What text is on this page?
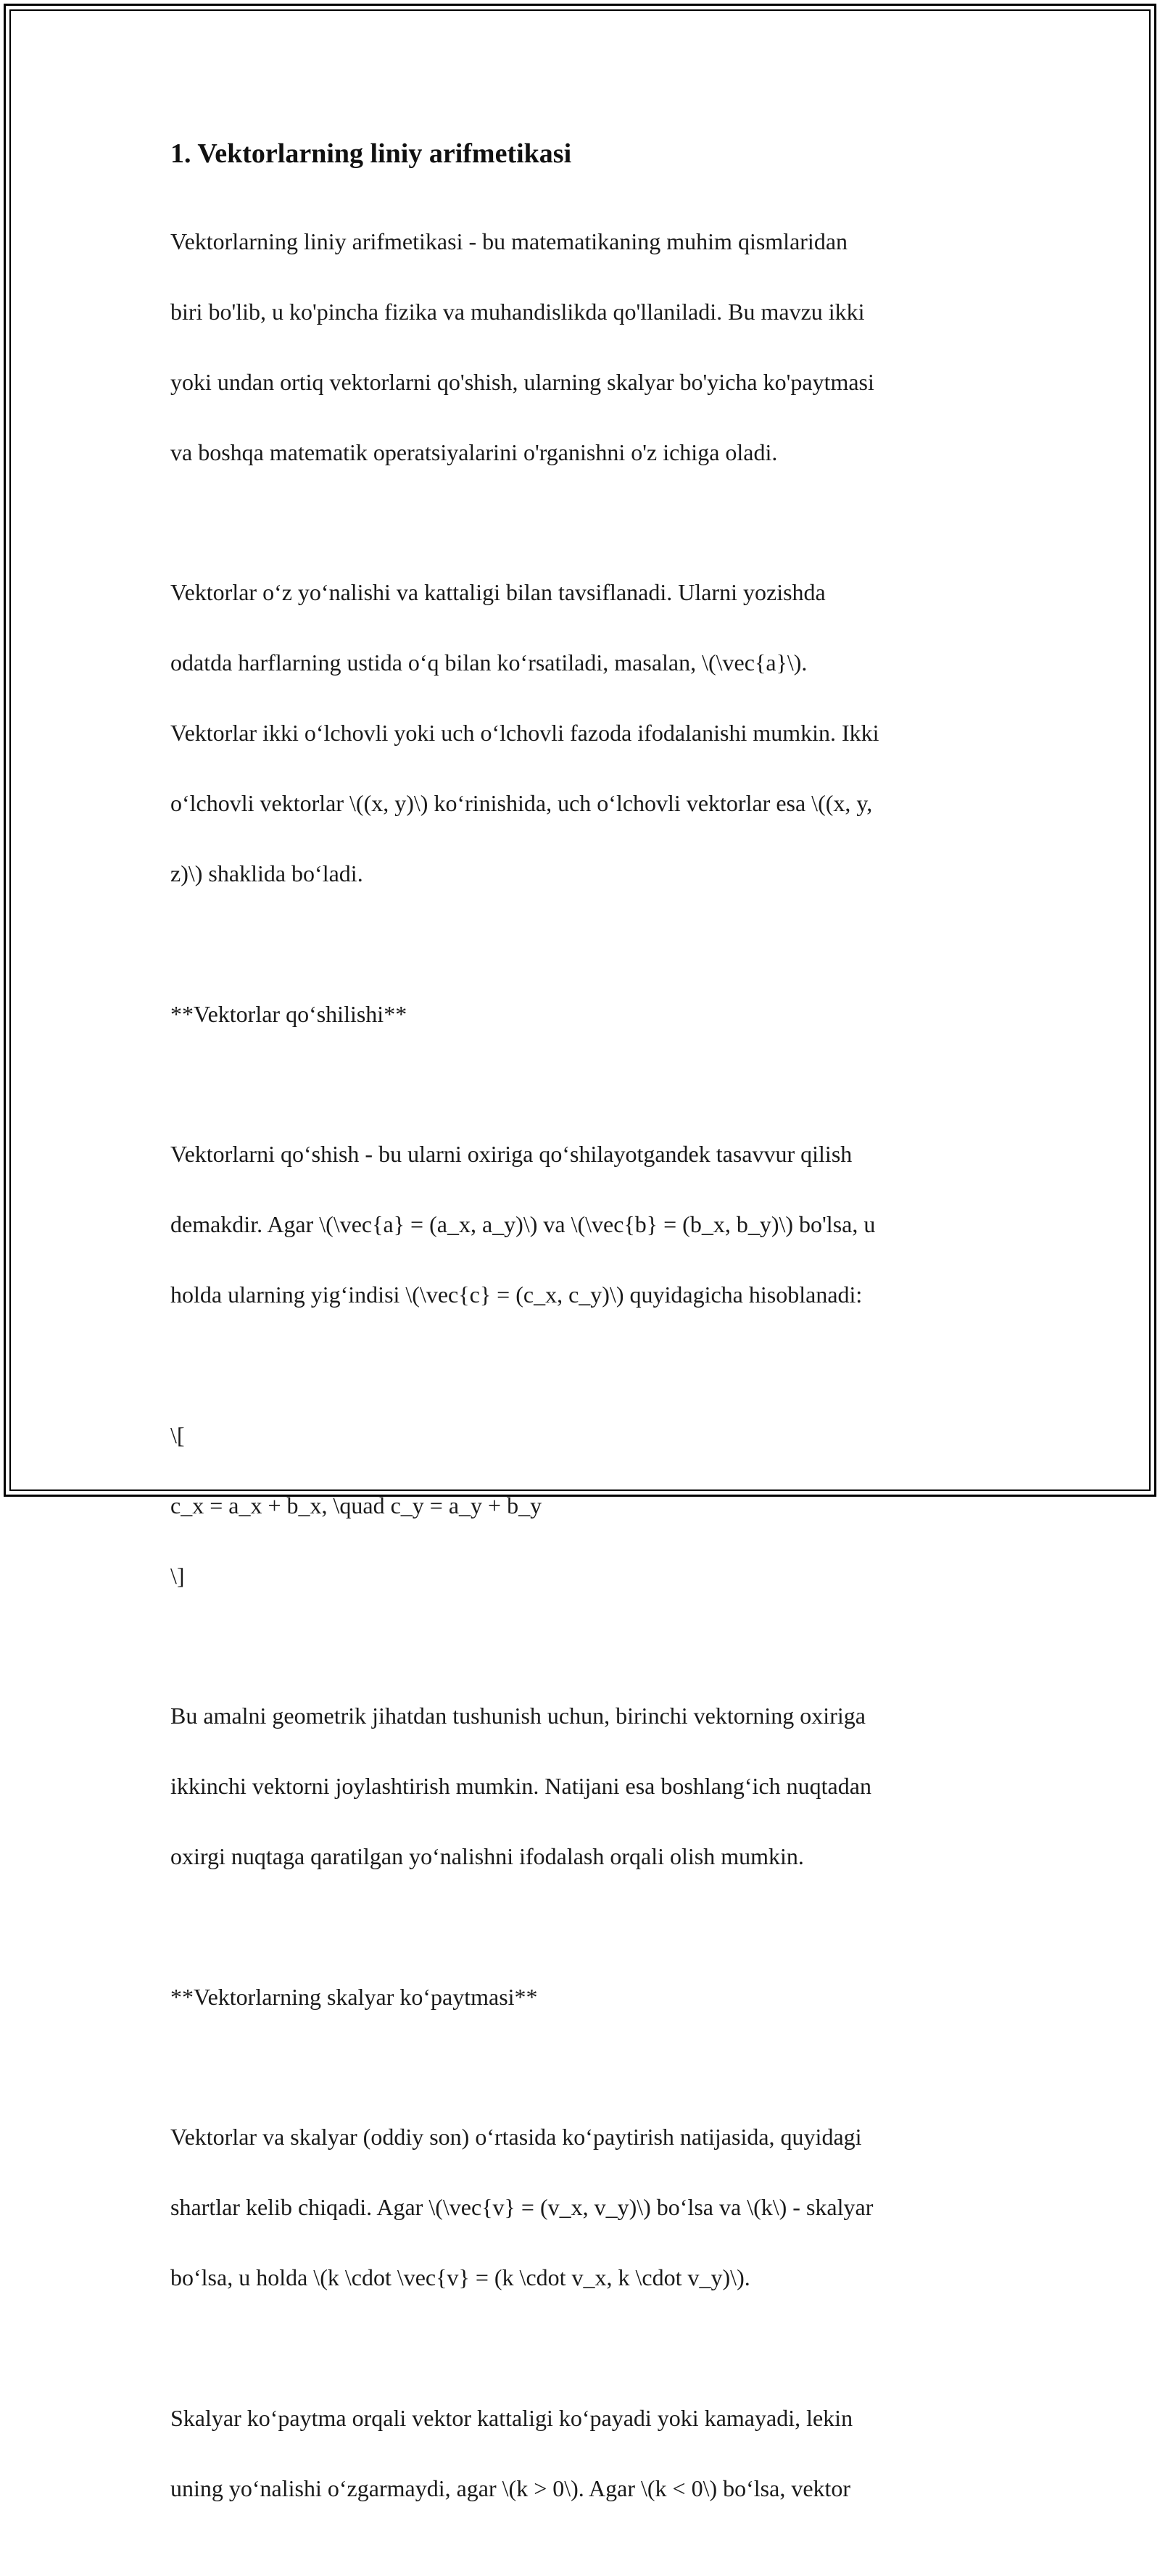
1. Vektorlarning liniy arifmetikasi

Vektorlarning liniy arifmetikasi - bu matematikaning muhim qismlaridan

biri bo'lib, u ko'pincha fizika va muhandislikda qo'llaniladi. Bu mavzu ikki

yoki undan ortiq vektorlarni qo'shish, ularning skalyar bo'yicha ko'paytmasi

va boshqa matematik operatsiyalarini o'rganishni o'z ichiga oladi.

Vektorlar o‘z yo‘nalishi va kattaligi bilan tavsiflanadi. Ularni yozishda

odatda harflarning ustida o‘q bilan ko‘rsatiladi, masalan, \(\vec{a}\).

Vektorlar ikki o‘lchovli yoki uch o‘lchovli fazoda ifodalanishi mumkin. Ikki

o‘lchovli vektorlar \((x, y)\) ko‘rinishida, uch o‘lchovli vektorlar esa \((x, y,

z)\) shaklida bo‘ladi.

**Vektorlar qo‘shilishi**

Vektorlarni qo‘shish - bu ularni oxiriga qo‘shilayotgandek tasavvur qilish

demakdir. Agar \(\vec{a} = (a_x, a_y)\) va \(\vec{b} = (b_x, b_y)\) bo'lsa, u

holda ularning yig‘indisi \(\vec{c} = (c_x, c_y)\) quyidagicha hisoblanadi:

\[

c_x = a_x + b_x, \quad c_y = a_y + b_y

\]

Bu amalni geometrik jihatdan tushunish uchun, birinchi vektorning oxiriga

ikkinchi vektorni joylashtirish mumkin. Natijani esa boshlang‘ich nuqtadan

oxirgi nuqtaga qaratilgan yo‘nalishni ifodalash orqali olish mumkin.

**Vektorlarning skalyar ko‘paytmasi**

Vektorlar va skalyar (oddiy son) o‘rtasida ko‘paytirish natijasida, quyidagi

shartlar kelib chiqadi. Agar \(\vec{v} = (v_x, v_y)\) bo‘lsa va \(k\) - skalyar

bo‘lsa, u holda \(k \cdot \vec{v} = (k \cdot v_x, k \cdot v_y)\).

Skalyar ko‘paytma orqali vektor kattaligi ko‘payadi yoki kamayadi, lekin

uning yo‘nalishi o‘zgarmaydi, agar \(k > 0\). Agar \(k < 0\) bo‘lsa, vektor
